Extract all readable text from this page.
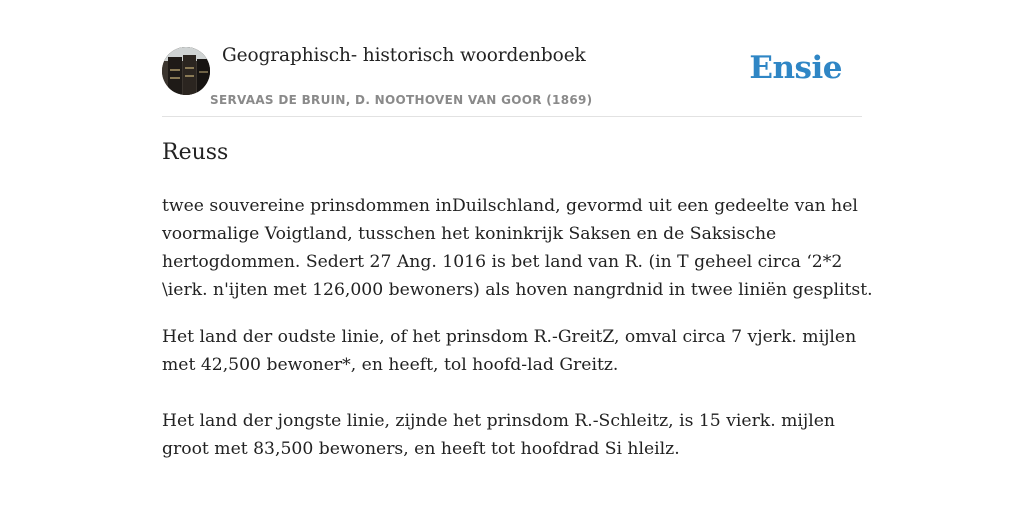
Geographisch- historisch woordenboek
SERVAAS DE BRUIN, D. NOOTHOVEN VAN GOOR (1869)
Ensie
Reuss

twee souvereine prinsdommen inDuilschland, gevormd uit een gedeelte van hel voormalige Voigtland, tusschen het koninkrijk Saksen en de Saksische hertogdommen. Sedert 27 Ang. 1016 is bet land van R. (in T geheel circa ‘2*2 \ierk. n'ijten met 126,000 bewoners) als hoven nangrdnid in twee liniën gesplitst.

Het land der oudste linie, of het prinsdom R.-GreitZ, omval circa 7 vjerk. mijlen met 42,500 bewoner*, en heeft, tol hoofd-lad Greitz.

Het land der jongste linie, zijnde het prinsdom R.-Schleitz, is 15 vierk. mijlen groot met 83,500 bewoners, en heeft tot hoofdrad Si hleilz.
